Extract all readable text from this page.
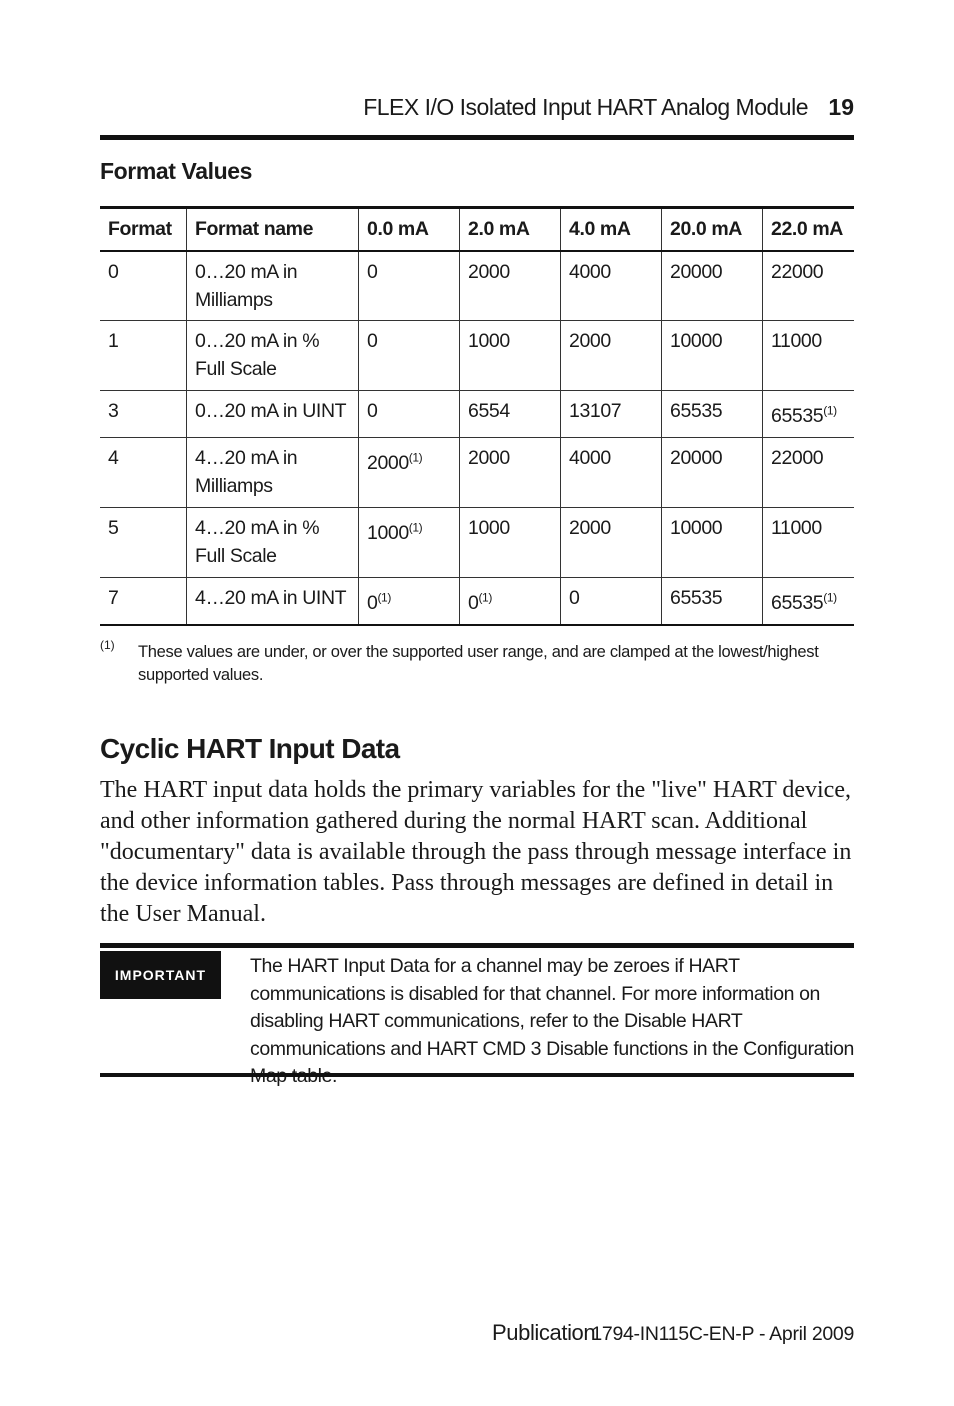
FLEX I/O Isolated Input HART Analog Module 19
Format Values
Format	Format name	0.0 mA	2.0 mA	4.0 mA	20.0 mA	22.0 mA
0	0…20 mA in Milliamps	0	2000	4000	20000	22000
1	0…20 mA in % Full Scale	0	1000	2000	10000	11000
3	0…20 mA in UINT	0	6554	13107	65535	65535$^{(1)}$
4	4…20 mA in Milliamps	2000$^{(1)}$	2000	4000	20000	22000
5	4…20 mA in % Full Scale	1000$^{(1)}$	1000	2000	10000	11000
7	4…20 mA in UINT	0$^{(1)}$	0$^{(1)}$	0	65535	65535$^{(1)}$
(1) These values are under, or over the supported user range, and are clamped at the lowest/highest supported values.
Cyclic HART Input Data
The HART input data holds the primary variables for the "live" HART device, and other information gathered during the normal HART scan. Additional "documentary" data is available through the pass through message interface in the device information tables. Pass through messages are defined in detail in the User Manual.
IMPORTANT	The HART Input Data for a channel may be zeroes if HART communications is disabled for that channel. For more information on disabling HART communications, refer to the Disable HART communications and HART CMD 3 Disable functions in the Configuration
Publication
1794-IN115C-EN-P - April 2009
